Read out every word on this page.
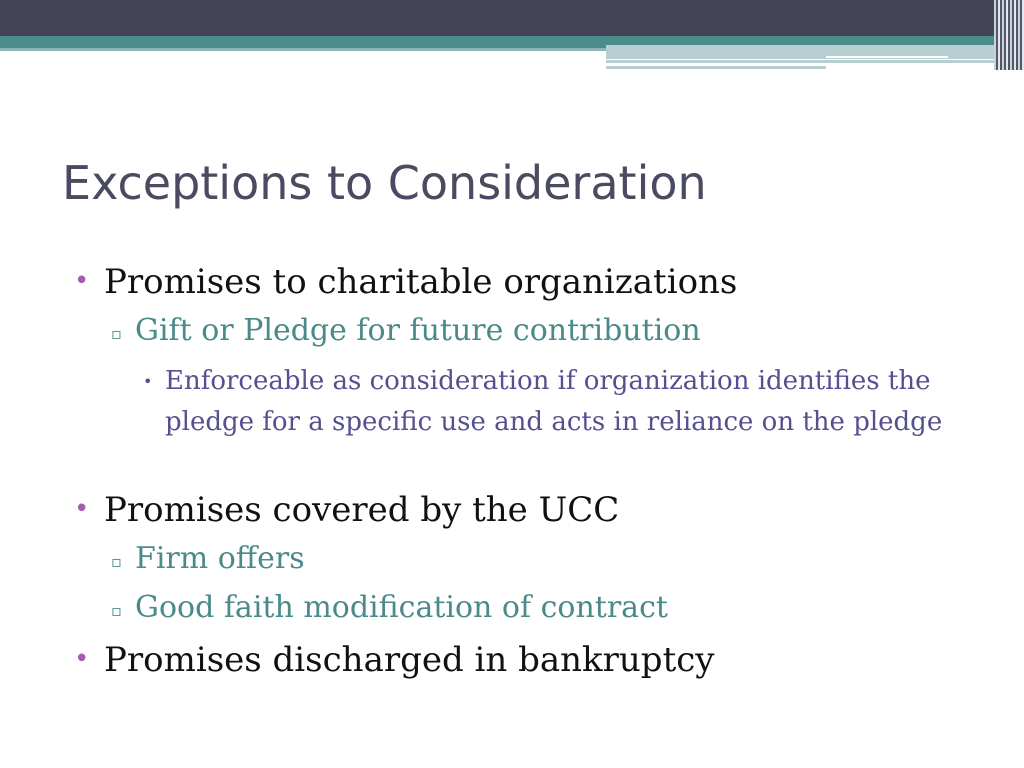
Exceptions to Consideration
• Promises to charitable organizations
▫ Gift or Pledge for future contribution
• Enforceable as consideration if organization identifies the pledge for a specific use and acts in reliance on the pledge
• Promises covered by the UCC
▫ Firm offers
▫ Good faith modification of contract
• Promises discharged in bankruptcy
